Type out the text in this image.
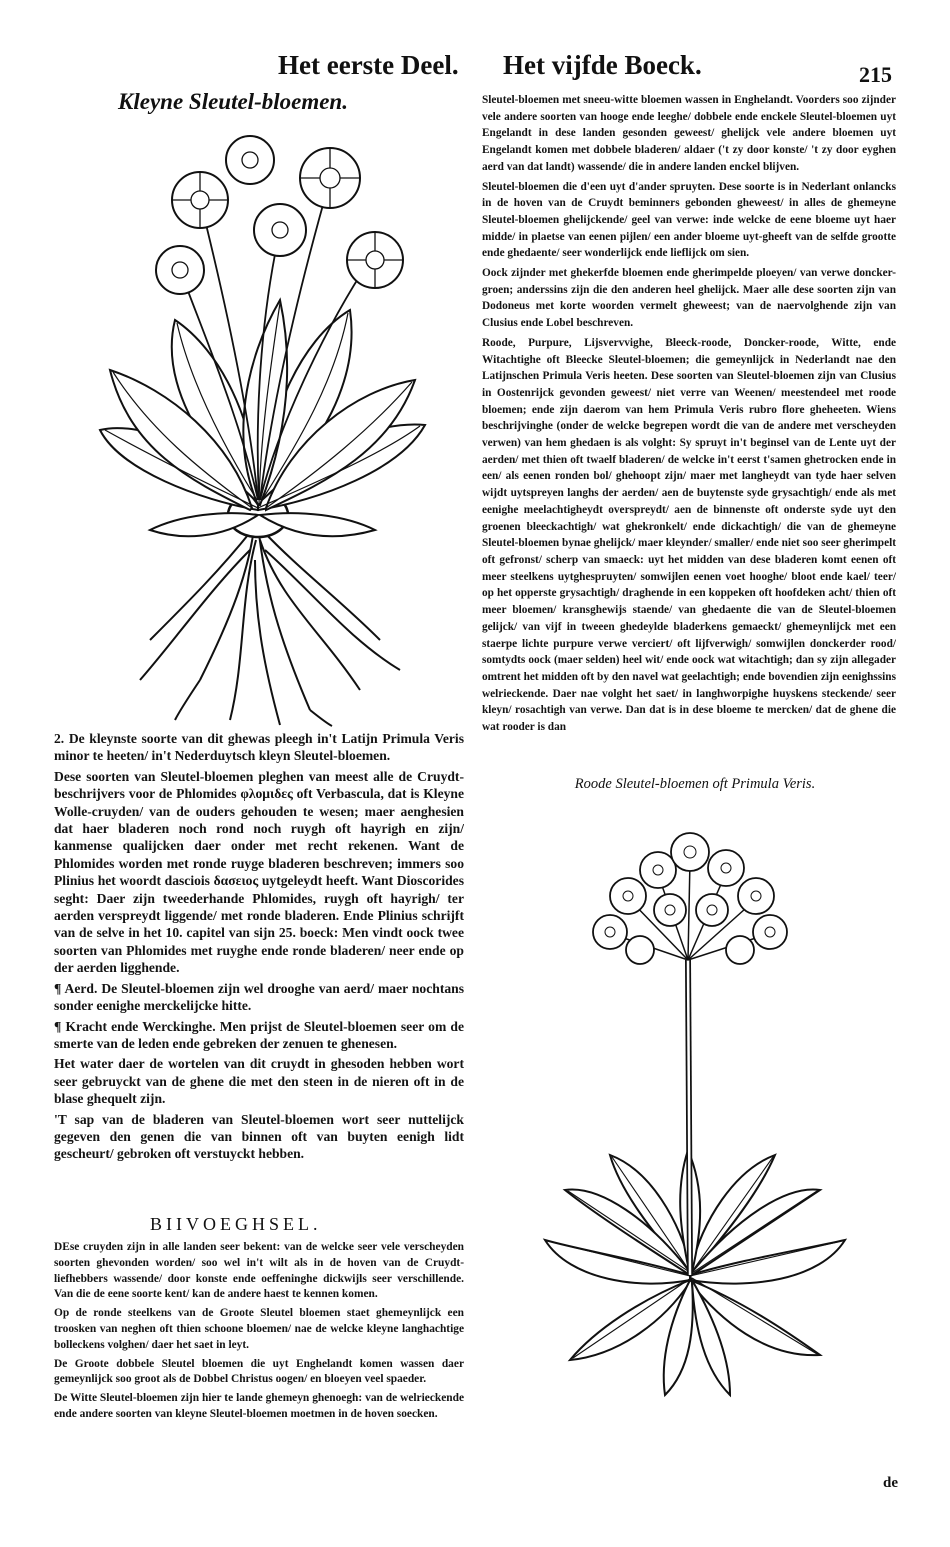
Het eerste Deel. Het vijfde Boeck.	215
Kleyne Sleutel-bloemen.	Sleutel-bloemen met sneeu-witte bloemen wassen in Enghelandt. Voorders soo zijnder vele andere soorten van hooge ende leeghe/ dobbele ende enckele Sleutel-bloemen uyt Engelandt in dese landen gesonden geweest/ ghelijck vele andere bloemen uyt Engelandt komen met dobbele bladeren/ aldaer ('t zy door konste/ 't zy door eyghen aerd van dat landt) wassende/ die in andere landen enckel blijven.

Sleutel-bloemen die d'een uyt d'ander spruyten. Dese soorte is in Nederlant onlancks in de hoven van de Cruydt beminners gebonden gheweest/ in alles de ghemeyne Sleutel-bloemen ghelijckende/ geel van verwe: inde welcke de eene bloeme uyt haer midde/ in plaetse van eenen pijlen/ een ander bloeme uyt-gheeft van de selfde grootte ende ghedaente/ seer wonderlijck ende lieflijck om sien.

Oock zijnder met ghekerfde bloemen ende gherimpelde ploeyen/ van verwe doncker-groen; anderssins zijn die den anderen heel ghelijck. Maer alle dese soorten zijn van Dodoneus met korte woorden vermelt gheweest; van de naervolghende zijn van Clusius ende Lobel beschreven.

Roode, Purpure, Lijsvervvighe, Bleeck-roode, Doncker-roode, Witte, ende Witachtighe oft Bleecke Sleutel-bloemen; die gemeynlijck in Nederlandt nae den Latijnschen Primula Veris heeten. Dese soorten van Sleutel-bloemen zijn van Clusius in Oostenrijck gevonden geweest/ niet verre van Weenen/ meestendeel met roode bloemen; ende zijn daerom van hem Primula Veris rubro flore gheheeten. Wiens beschrijvinghe (onder de welcke begrepen wordt die van de andere met verscheyden verwen) van hem ghedaen is als volght: Sy spruyt in't beginsel van de Lente uyt der aerden/ met thien oft twaelf bladeren/ de welcke in't eerst t'samen ghetrocken ende in een/ als eenen ronden bol/ ghehoopt zijn/ maer met langheydt van tyde haer selven wijdt uytspreyen langhs der aerden/ aen de buytenste syde grysachtigh/ ende als met eenighe meelachtigheydt overspreydt/ aen de binnenste oft onderste syde uyt den groenen bleeckachtigh/ wat ghekronkelt/ ende dickachtigh/ die van de ghemeyne Sleutel-bloemen bynae ghelijck/ maer kleynder/ smaller/ ende niet soo seer gherimpelt oft gefronst/ scherp van smaeck: uyt het midden van dese bladeren komt eenen oft meer steelkens uytghespruyten/ somwijlen eenen voet hooghe/ bloot ende kael/ teer/ op het opperste grysachtigh/ draghende in een koppeken oft hoofdeken acht/ thien oft meer bloemen/ kransghewijs staende/ van ghedaente die van de Sleutel-bloemen gelijck/ van vijf in tweeen ghedeylde bladerkens gemaeckt/ ghemeynlijck met een staerpe lichte purpure verwe verciert/ oft lijfverwigh/ somwijlen donckerder rood/ somtydts oock (maer selden) heel wit/ ende oock wat witachtigh; dan sy zijn allegader omtrent het midden oft by den navel wat geelachtigh; ende bovendien zijn eenighssins welrieckende. Daer nae volght het saet/ in langhworpighe huyskens steckende/ seer kleyn/ rosachtigh van verwe. Dan dat is in dese bloeme te mercken/ dat de ghene die wat rooder is dan

2. De kleynste soorte van dit ghewas pleegh in't Latijn Primula Veris minor te heeten/ in't Nederduytsch kleyn Sleutel-bloemen.

Dese soorten van Sleutel-bloemen pleghen van meest alle de Cruydt-beschrijvers voor de Phlomides φλομιδες oft Verbascula, dat is Kleyne Wolle-cruyden/ van de ouders gehouden te wesen; maer aenghesien dat haer bladeren noch rond noch ruygh oft hayrigh en zijn/ kanmense qualijcken daer onder met recht rekenen. Want de Phlomides worden met ronde ruyge bladeren beschreven; immers soo Plinius het woordt dasciois δασειος uytgeleydt heeft. Want Dioscorides seght: Daer zijn tweederhande Phlomides, ruygh oft hayrigh/ ter aerden verspreydt liggende/ met ronde bladeren. Ende Plinius schrijft van de selve in het 10. capitel van sijn 25. boeck: Men vindt oock twee soorten van Phlomides met ruyghe ende ronde bladeren/ neer ende op der aerden ligghende.

¶ Aerd. De Sleutel-bloemen zijn wel drooghe van aerd/ maer nochtans sonder eenighe merckelijcke hitte.

¶ Kracht ende Werckinghe. Men prijst de Sleutel-bloemen seer om de smerte van de leden ende gebreken der zenuen te ghenesen.

Het water daer de wortelen van dit cruydt in ghesoden hebben wort seer gebruyckt van de ghene die met den steen in de nieren oft in de blase ghequelt zijn.

'T sap van de bladeren van Sleutel-bloemen wort seer nuttelijck gegeven den genen die van binnen oft van buyten eenigh lidt gescheurt/ gebroken oft verstuyckt hebben.

BIIVOEGHSEL.

DEse cruyden zijn in alle landen seer bekent: van de welcke seer vele verscheyden soorten ghevonden worden/ soo wel in't wilt als in de hoven van de Cruydt-liefhebbers wassende/ door konste ende oeffeninghe dickwijls seer verschillende. Van die de eene soorte kent/ kan de andere haest te kennen komen.

Op de ronde steelkens van de Groote Sleutel bloemen staet ghemeynlijck een troosken van neghen oft thien schoone bloemen/ nae de welcke kleyne langhachtige bolleckens volghen/ daer het saet in leyt.

De Groote dobbele Sleutel bloemen die uyt Enghelandt komen wassen daer gemeynlijck soo groot als de Dobbel Christus oogen/ en bloeyen veel spaeder.

De Witte Sleutel-bloemen zijn hier te lande ghemeyn ghenoegh: van de welrieckende ende andere soorten van kleyne Sleutel-bloemen moetmen in de hoven soecken.

Roode Sleutel-bloemen oft Primula Veris.
de
